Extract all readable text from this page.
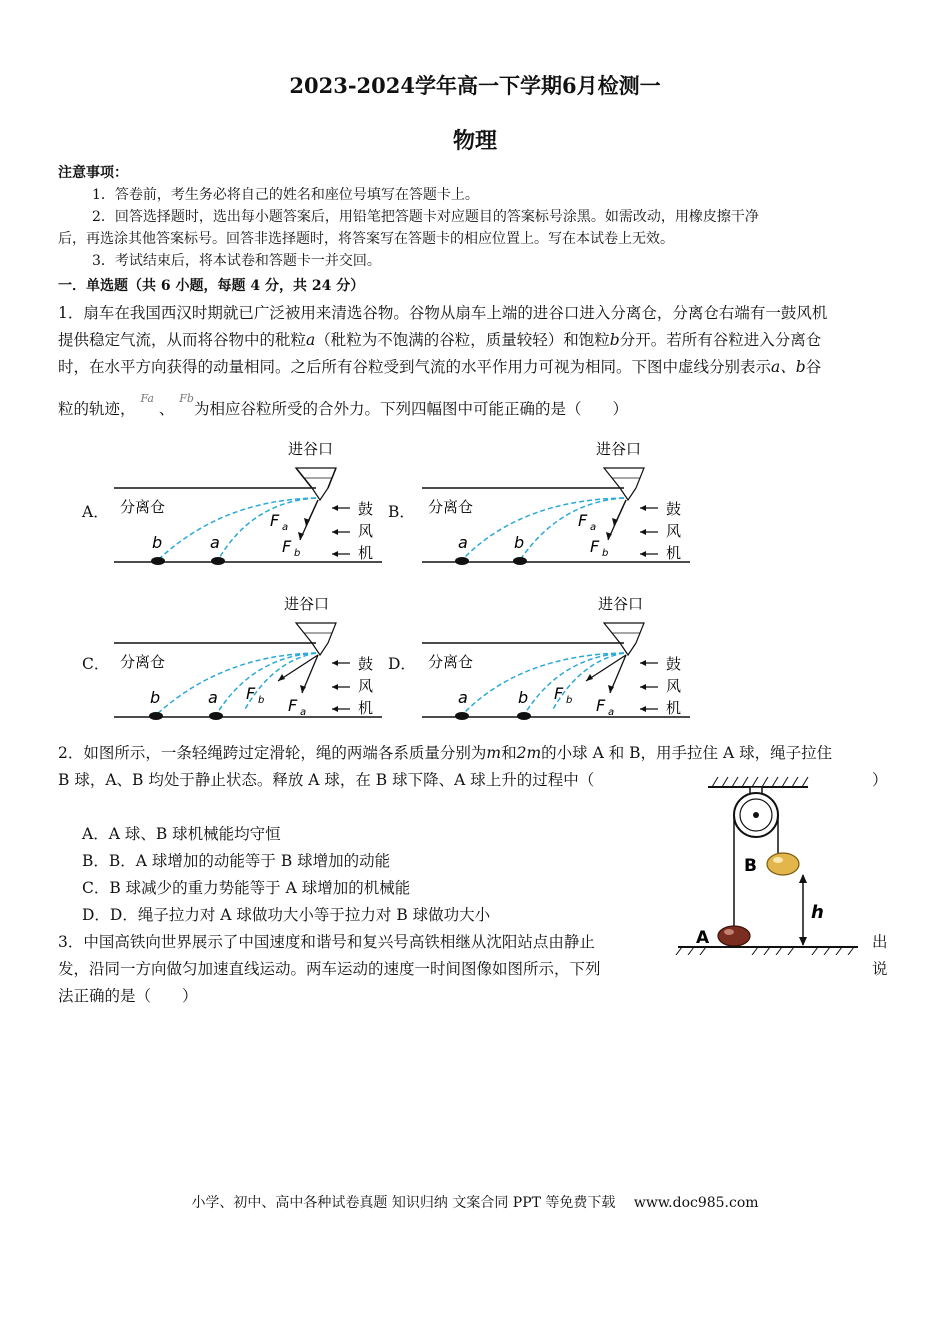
2023-2024学年高一下学期6月检测一
物理
注意事项：
1．答卷前，考生务必将自己的姓名和座位号填写在答题卡上。
2．回答选择题时，选出每小题答案后，用铅笔把答题卡对应题目的答案标号涂黑。如需改动，用橡皮擦干净
后，再选涂其他答案标号。回答非选择题时，将答案写在答题卡的相应位置上。写在本试卷上无效。
3．考试结束后，将本试卷和答题卡一并交回。
一．单选题（共 6 小题，每题 4 分，共 24 分）
1．扇车在我国西汉时期就已广泛被用来清选谷物。谷物从扇车上端的进谷口进入分离仓，分离仓右端有一鼓风机
提供稳定气流，从而将谷物中的秕粒a（秕粒为不饱满的谷粒，质量较轻）和饱粒b分开。若所有谷粒进入分离仓
时，在水平方向获得的动量相同。之后所有谷粒受到气流的水平作用力可视为相同。下图中虚线分别表示a、b谷
粒的轨迹， $^{Fa}$ 、 $^{Fb}$为相应谷粒所受的合外力。下列四幅图中可能正确的是（　　）
A．	B．
C．	D．
进谷口
分离仓
b	a
F a
F b
鼓
风
机
进谷口
分离仓
a	b
F a
F b
鼓
风
机
进谷口
分离仓
b	a F b F a
鼓
风
机
进谷口
分离仓
a	b F b F a
鼓
风
机
2．如图所示，一条轻绳跨过定滑轮，绳的两端各系质量分别为m和2m的小球 A 和 B，用手拉住 A 球，绳子拉住
B 球，A、B 均处于静止状态。释放 A 球，在 B 球下降、A 球上升的过程中（	）
A．A 球、B 球机械能均守恒
B．B．A 球增加的动能等于 B 球增加的动能
C．B 球减少的重力势能等于 A 球增加的机械能
D．D．绳子拉力对 A 球做功大小等于拉力对 B 球做功大小
B
A
h
3．中国高铁向世界展示了中国速度和谐号和复兴号高铁相继从沈阳站点由静止	出
发，沿同一方向做匀加速直线运动。两车运动的速度一时间图像如图所示，下列	说
法正确的是（　　）
小学、初中、高中各种试卷真题 知识归纳 文案合同 PPT 等免费下载　 www.doc985.com
